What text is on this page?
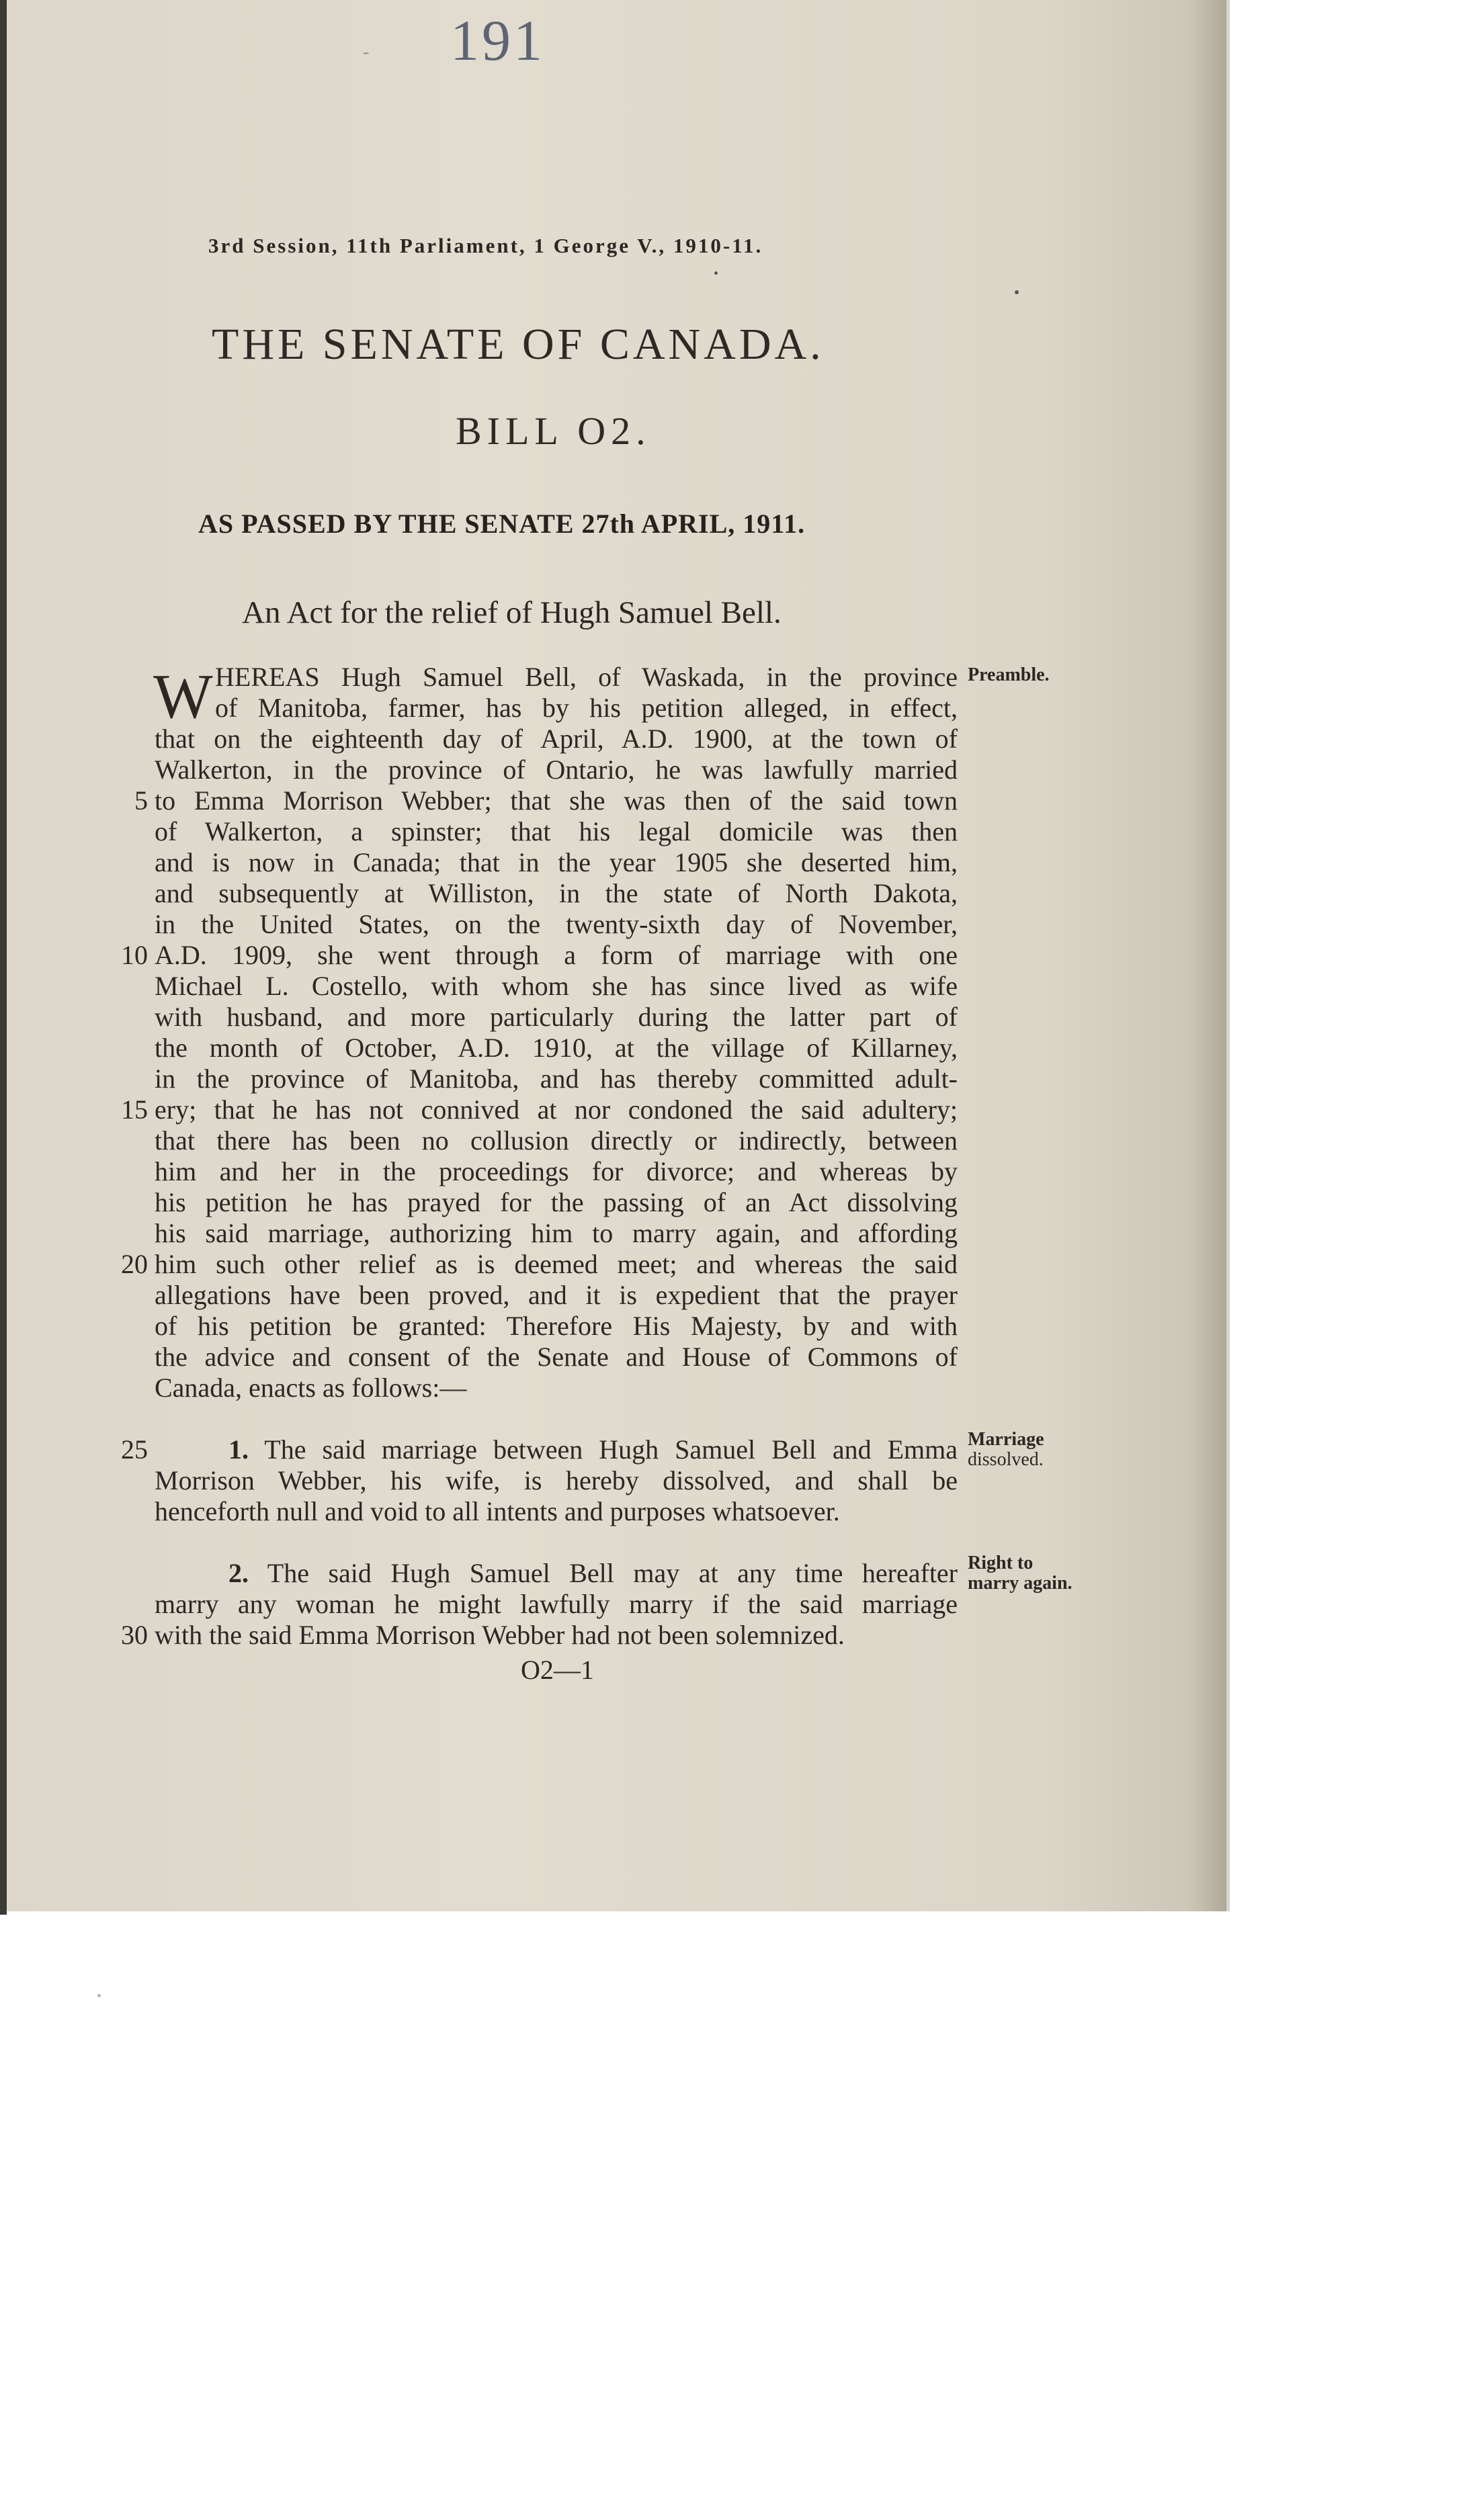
- 191
3rd Session, 11th Parliament, 1 George V., 1910-11.
THE SENATE OF CANADA.
BILL O2.
AS PASSED BY THE SENATE 27th APRIL, 1911.
An Act for the relief of Hugh Samuel Bell.
W	Preamble.
HEREAS Hugh Samuel Bell, of Waskada, in the province
of Manitoba, farmer, has by his petition alleged, in effect,
that on the eighteenth day of April, A.D. 1900, at the town of
Walkerton, in the province of Ontario, he was lawfully married
to Emma Morrison Webber; that she was then of the said town
of Walkerton, a spinster; that his legal domicile was then
and is now in Canada; that in the year 1905 she deserted him,
and subsequently at Williston, in the state of North Dakota,
in the United States, on the twenty-sixth day of November,
A.D. 1909, she went through a form of marriage with one
Michael L. Costello, with whom she has since lived as wife
with husband, and more particularly during the latter part of
the month of October, A.D. 1910, at the village of Killarney,
in the province of Manitoba, and has thereby committed adult-
ery; that he has not connived at nor condoned the said adultery;
that there has been no collusion directly or indirectly, between
him and her in the proceedings for divorce; and whereas by
his petition he has prayed for the passing of an Act dissolving
his said marriage, authorizing him to marry again, and affording
him such other relief as is deemed meet; and whereas the said
allegations have been proved, and it is expedient that the prayer
of his petition be granted: Therefore His Majesty, by and with
the advice and consent of the Senate and House of Commons of
Canada, enacts as follows:—
5
10
15
20
25
30
Marriage
dissolved.
1. The said marriage between Hugh Samuel Bell and Emma
Morrison Webber, his wife, is hereby dissolved, and shall be
henceforth null and void to all intents and purposes whatsoever.
Right to
marry again.
2. The said Hugh Samuel Bell may at any time hereafter
marry any woman he might lawfully marry if the said marriage
with the said Emma Morrison Webber had not been solemnized.
O2—1
